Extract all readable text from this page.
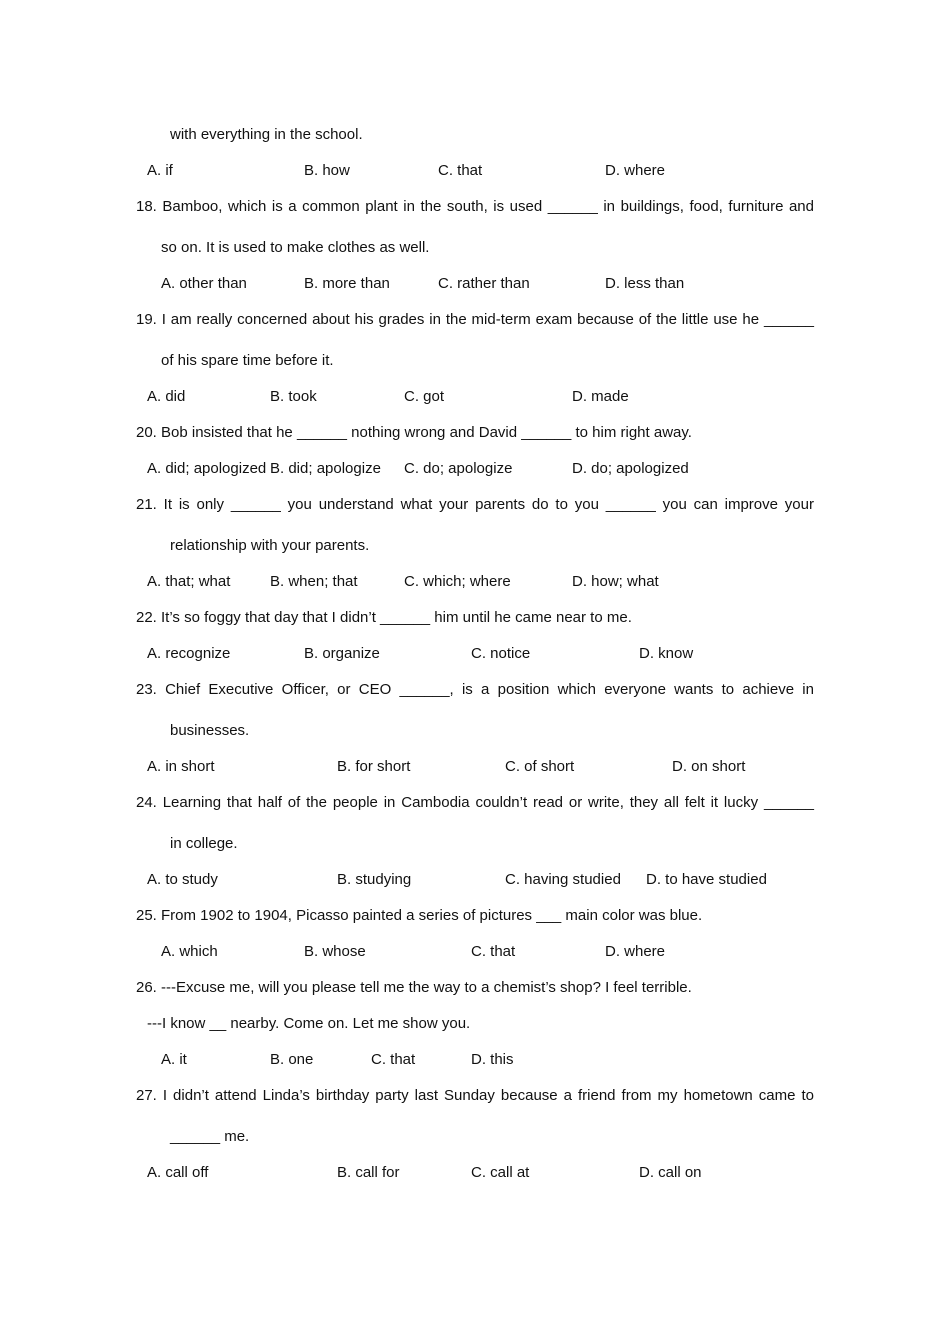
with everything in the school.
A. if	B. how	C. that	D. where
18. Bamboo, which is a common plant in the south, is used ______ in buildings, food, furniture and
so on. It is used to make clothes as well.
A. other than	B. more than	C. rather than	D. less than
19. I am really concerned about his grades in the mid-term exam because of the little use he ______
of his spare time before it.
A. did	B. took	C. got	D. made
20. Bob insisted that he ______ nothing wrong and David ______ to him right away.
A. did; apologized B. did; apologize C. do; apologize	D. do; apologized
21. It is only ______ you understand what your parents do to you ______ you can improve your
relationship with your parents.
A. that; what	B. when; that	C. which; where	D. how; what
22. It’s so foggy that day that I didn’t ______ him until he came near to me.
A. recognize	B. organize	C. notice	D. know
23. Chief Executive Officer, or CEO ______, is a position which everyone wants to achieve in
businesses.
A. in short	B. for short	C. of short	D. on short
24. Learning that half of the people in Cambodia couldn’t read or write, they all felt it lucky ______
in college.
A. to study	B. studying	C. having studied D. to have studied
25. From 1902 to 1904, Picasso painted a series of pictures ___ main color was blue.
A. which	B. whose	C. that	D. where
26. ---Excuse me, will you please tell me the way to a chemist’s shop? I feel terrible.
---I know __ nearby. Come on. Let me show you.
A. it	B. one	C. that	D. this
27. I didn’t attend Linda’s birthday party last Sunday because a friend from my hometown came to
______ me.
A. call off	B. call for	C. call at	D. call on
